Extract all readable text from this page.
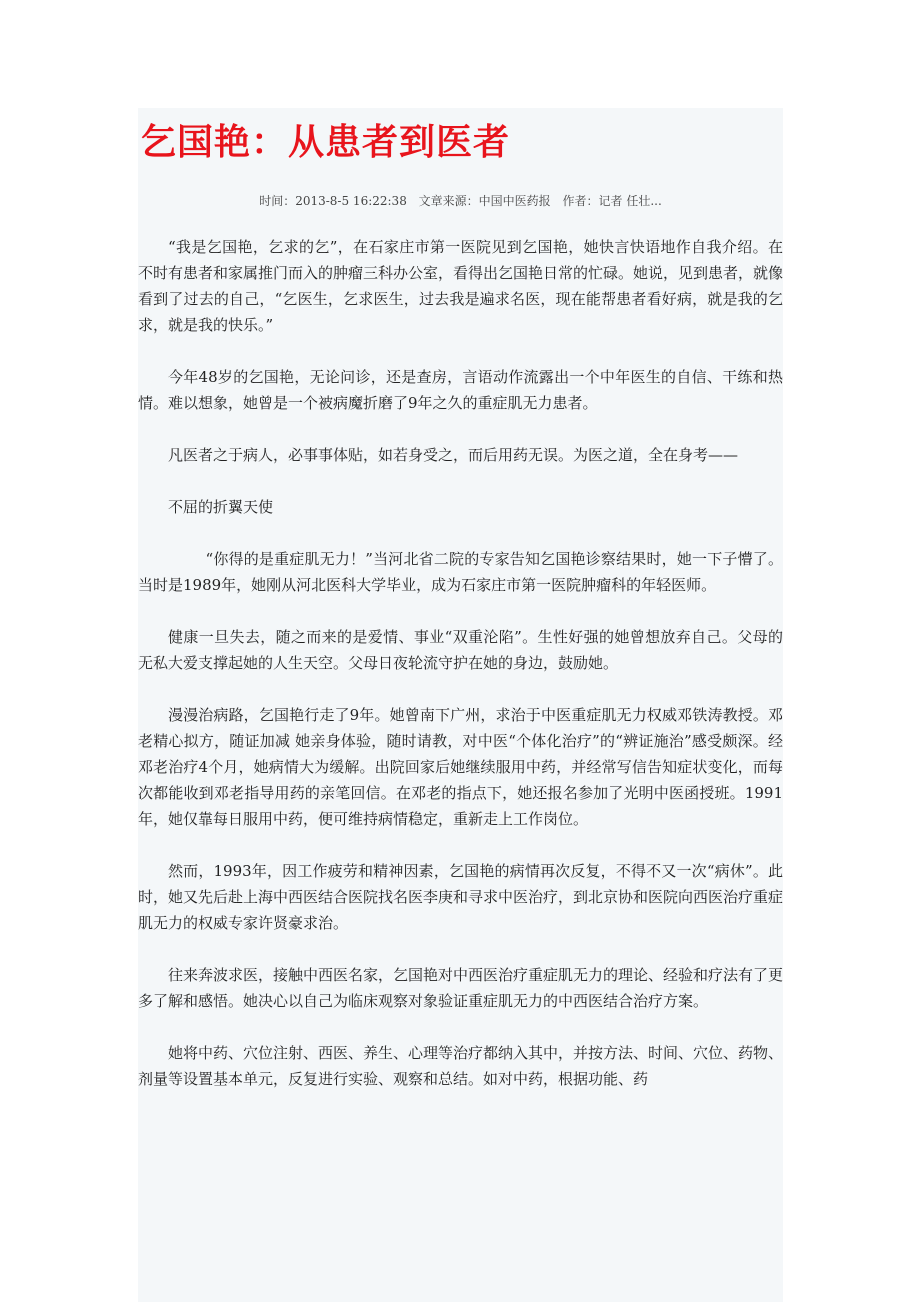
乞国艳：从患者到医者
时间：2013-8-5 16:22:38 文章来源：中国中医药报 作者：记者 任壮...

“我是乞国艳，乞求的乞”，在石家庄市第一医院见到乞国艳，她快言快语地作自我介绍。在不时有患者和家属推门而入的肿瘤三科办公室，看得出乞国艳日常的忙碌。她说，见到患者，就像看到了过去的自己，“乞医生，乞求医生，过去我是遍求名医，现在能帮患者看好病，就是我的乞求，就是我的快乐。”

今年48岁的乞国艳，无论问诊，还是查房，言语动作流露出一个中年医生的自信、干练和热情。难以想象，她曾是一个被病魔折磨了9年之久的重症肌无力患者。

凡医者之于病人，必事事体贴，如若身受之，而后用药无误。为医之道，全在身考——

不屈的折翼天使

“你得的是重症肌无力！”当河北省二院的专家告知乞国艳诊察结果时，她一下子懵了。当时是1989年，她刚从河北医科大学毕业，成为石家庄市第一医院肿瘤科的年轻医师。

健康一旦失去，随之而来的是爱情、事业“双重沦陷”。生性好强的她曾想放弃自己。父母的无私大爱支撑起她的人生天空。父母日夜轮流守护在她的身边，鼓励她。

漫漫治病路，乞国艳行走了9年。她曾南下广州，求治于中医重症肌无力权威邓铁涛教授。邓老精心拟方，随证加减 她亲身体验，随时请教，对中医“个体化治疗”的“辨证施治”感受颇深。经邓老治疗4个月，她病情大为缓解。出院回家后她继续服用中药，并经常写信告知症状变化，而每次都能收到邓老指导用药的亲笔回信。在邓老的指点下，她还报名参加了光明中医函授班。1991年，她仅靠每日服用中药，便可维持病情稳定，重新走上工作岗位。

然而，1993年，因工作疲劳和精神因素，乞国艳的病情再次反复，不得不又一次“病休”。此时，她又先后赴上海中西医结合医院找名医李庚和寻求中医治疗，到北京协和医院向西医治疗重症肌无力的权威专家许贤豪求治。

往来奔波求医，接触中西医名家，乞国艳对中西医治疗重症肌无力的理论、经验和疗法有了更多了解和感悟。她决心以自己为临床观察对象验证重症肌无力的中西医结合治疗方案。

她将中药、穴位注射、西医、养生、心理等治疗都纳入其中，并按方法、时间、穴位、药物、剂量等设置基本单元，反复进行实验、观察和总结。如对中药，根据功能、药
